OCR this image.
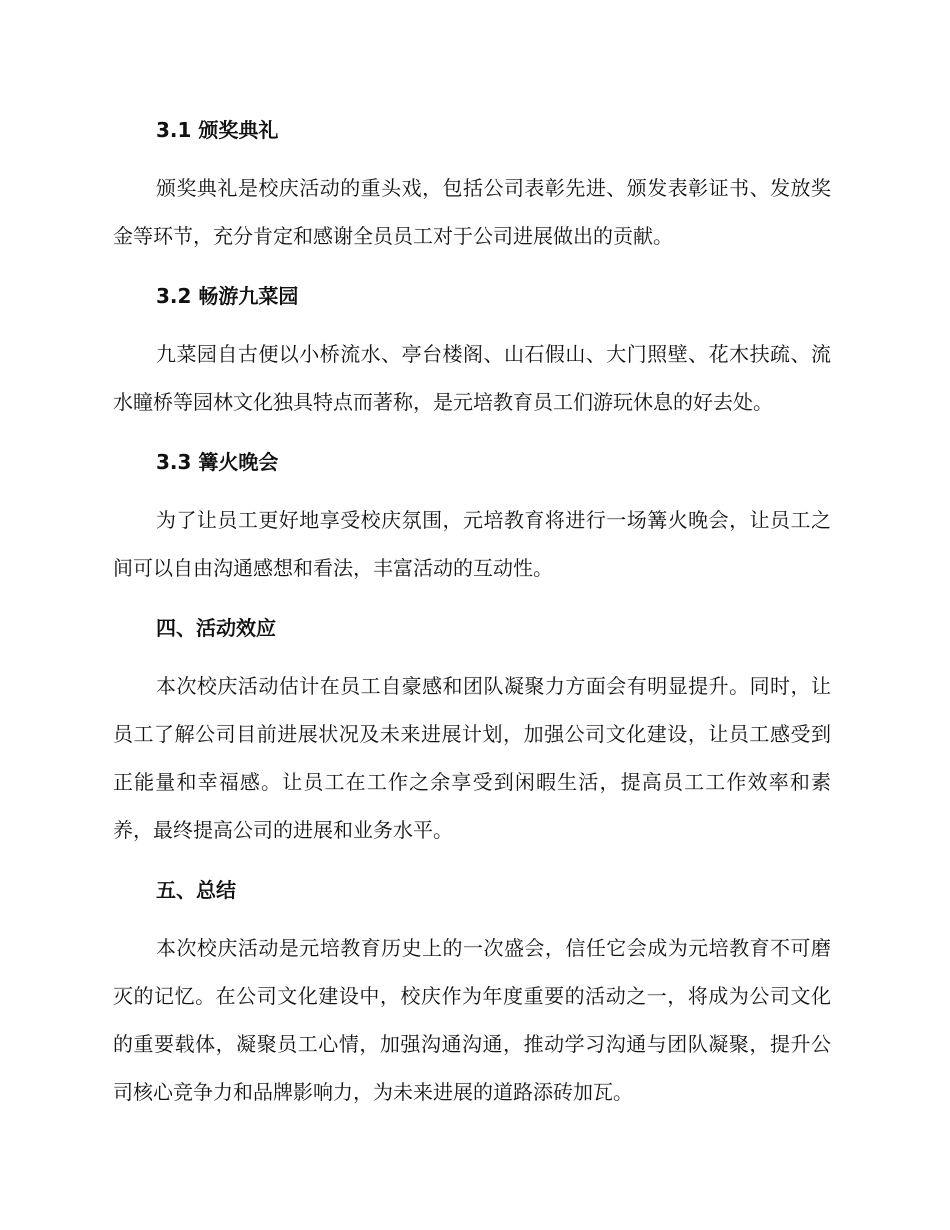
3.1 颁奖典礼

颁奖典礼是校庆活动的重头戏，包括公司表彰先进、颁发表彰证书、发放奖金等环节，充分肯定和感谢全员员工对于公司进展做出的贡献。

3.2 畅游九菜园

九菜园自古便以小桥流水、亭台楼阁、山石假山、大门照壁、花木扶疏、流水瞳桥等园林文化独具特点而著称，是元培教育员工们游玩休息的好去处。

3.3 篝火晚会

为了让员工更好地享受校庆氛围，元培教育将进行一场篝火晚会，让员工之间可以自由沟通感想和看法，丰富活动的互动性。

四、活动效应

本次校庆活动估计在员工自豪感和团队凝聚力方面会有明显提升。同时，让员工了解公司目前进展状况及未来进展计划，加强公司文化建设，让员工感受到正能量和幸福感。让员工在工作之余享受到闲暇生活，提高员工工作效率和素养，最终提高公司的进展和业务水平。

五、总结

本次校庆活动是元培教育历史上的一次盛会，信任它会成为元培教育不可磨灭的记忆。在公司文化建设中，校庆作为年度重要的活动之一，将成为公司文化的重要载体，凝聚员工心情，加强沟通沟通，推动学习沟通与团队凝聚，提升公司核心竞争力和品牌影响力，为未来进展的道路添砖加瓦。
